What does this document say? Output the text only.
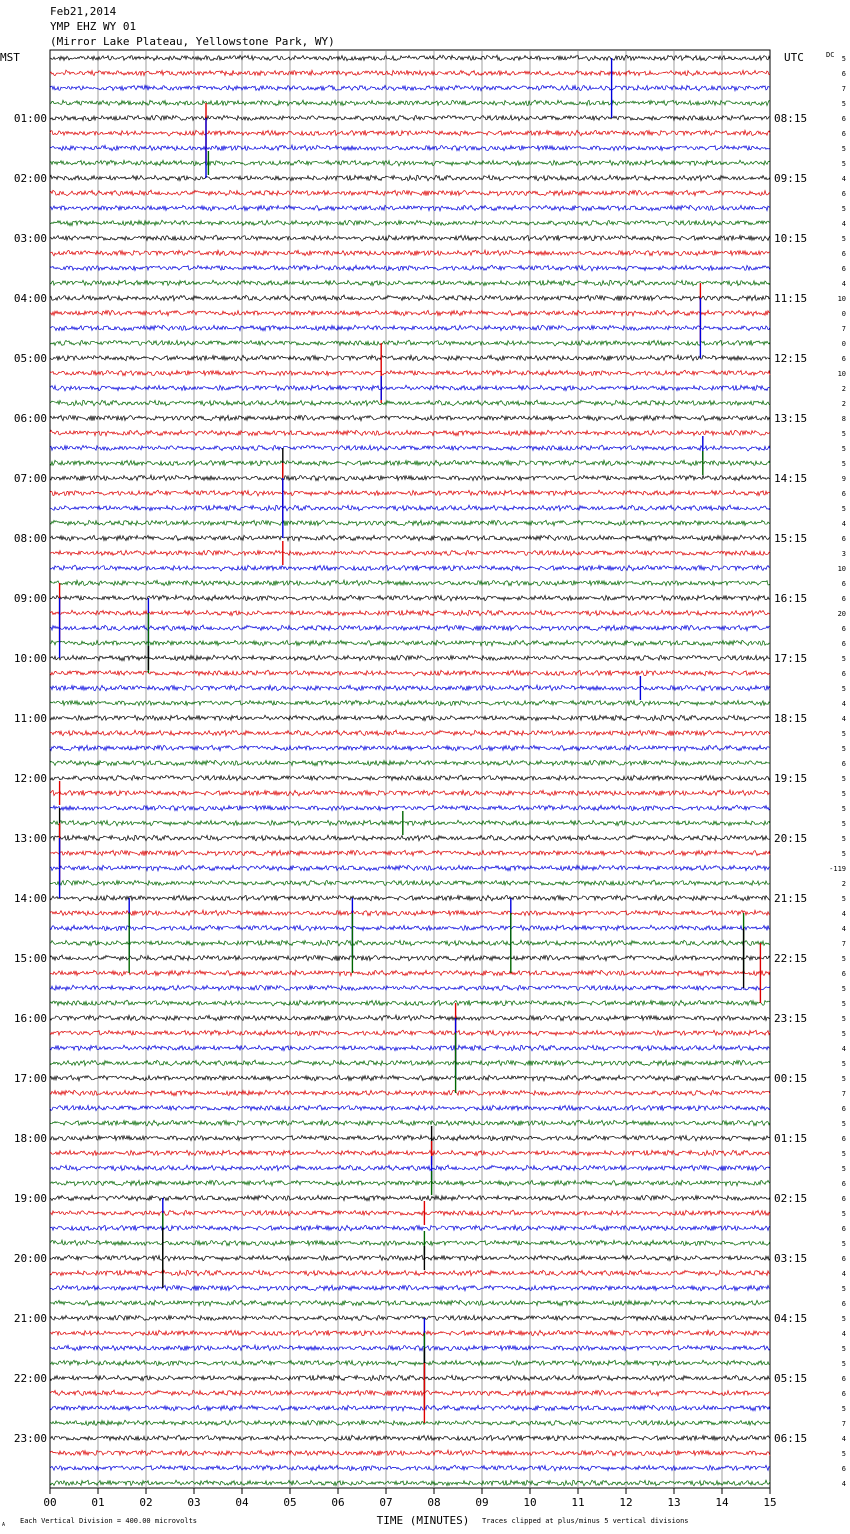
Feb21,2014
YMP EHZ WY 01
(Mirror Lake Plateau, Yellowstone Park, WY)
MST	UTC	DC
01:00
02:00
03:00
04:00
05:00
06:00
07:00
08:00
09:00
10:00
11:00
12:00
13:00
14:00
15:00
16:00
17:00
18:00
19:00
20:00
21:00
22:00
23:00
08:15
09:15
10:15
11:15
12:15
13:15
14:15
15:15
16:15
17:15
18:15
19:15
20:15
21:15
22:15
23:15
00:15
01:15
02:15
03:15
04:15
05:15
06:15
5
6
7
5
6
6
5
5
4
6
5
4
5
6
6
4
10
0
7
0
6
10
2
2
8
5
5
5
9
6
5
4
6
3
10
6
6
20
6
6
5
6
5
4
4
5
5
6
5
5
5
5
5
5
-119
2
5
4
4
7
5
6
5
5
5
5
4
5
5
7
6
5
6
5
5
6
6
5
6
5
6
4
5
6
5
4
5
5
6
6
5
7
4
5
6
4
00	01	02	03	04	05	06	07	08	09	10	11	12	13	14	15
TIME (MINUTES)
Each Vertical Division = 400.00 microvolts	Traces clipped at plus/minus 5 vertical divisions
A
